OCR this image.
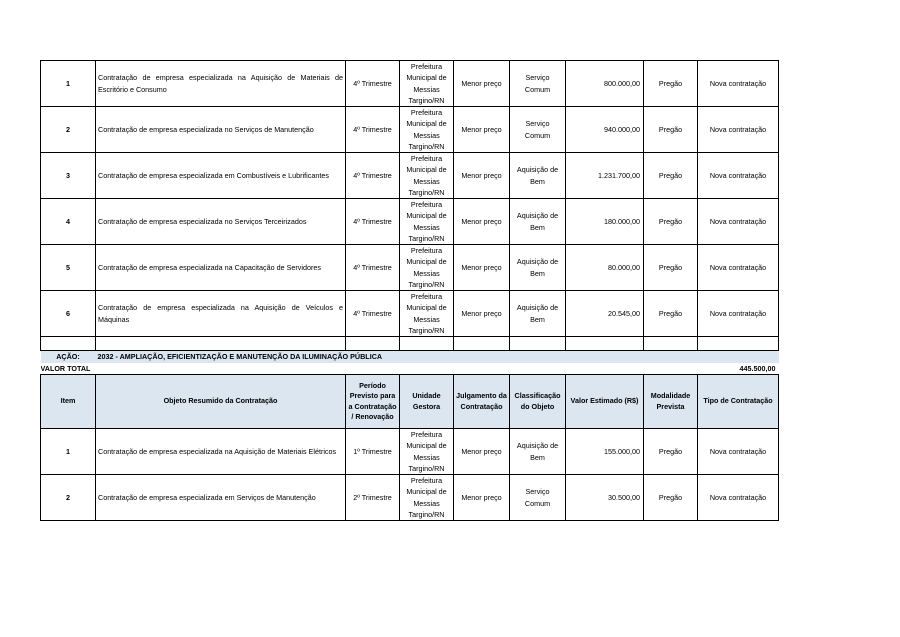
1	Contratação de empresa especializada na Aquisição de Materiais de Escritório e Consumo	4º Trimestre	Prefeitura Municipal de Messias Targino/RN	Menor preço	Serviço Comum	800.000,00	Pregão	Nova contratação
2	Contratação de empresa especializada no Serviços de Manutenção	4º Trimestre	Prefeitura Municipal de Messias Targino/RN	Menor preço	Serviço Comum	940.000,00	Pregão	Nova contratação
3	Contratação de empresa especializada em Combustíveis e Lubrificantes	4º Trimestre	Prefeitura Municipal de Messias Targino/RN	Menor preço	Aquisição de Bem	1.231.700,00	Pregão	Nova contratação
4	Contratação de empresa especializada no Serviços Terceirizados	4º Trimestre	Prefeitura Municipal de Messias Targino/RN	Menor preço	Aquisição de Bem	180.000,00	Pregão	Nova contratação
5	Contratação de empresa especializada na Capacitação de Servidores	4º Trimestre	Prefeitura Municipal de Messias Targino/RN	Menor preço	Aquisição de Bem	80.000,00	Pregão	Nova contratação
6	Contratação de empresa especializada na Aquisição de Veículos e Máquinas	4º Trimestre	Prefeitura Municipal de Messias Targino/RN	Menor preço	Aquisição de Bem	20.545,00	Pregão	Nova contratação

AÇÃO:	2032 - AMPLIAÇÃO, EFICIENTIZAÇÃO E MANUTENÇÃO DA ILUMINAÇÃO PÚBLICA							
VALOR TOTAL		445.500,00						
Item	Objeto Resumido da Contratação	Período Previsto para a Contratação / Renovação	Unidade Gestora	Julgamento da Contratação	Classificação do Objeto	Valor Estimado (R$)	Modalidade Prevista	Tipo de Contratação
1	Contratação de empresa especializada na Aquisição de Materiais Elétricos	1º Trimestre	Prefeitura Municipal de Messias Targino/RN	Menor preço	Aquisição de Bem	155.000,00	Pregão	Nova contratação
2	Contratação de empresa especializada em Serviços de Manutenção	2º Trimestre	Prefeitura Municipal de Messias Targino/RN	Menor preço	Serviço Comum	30.500,00	Pregão	Nova contratação
